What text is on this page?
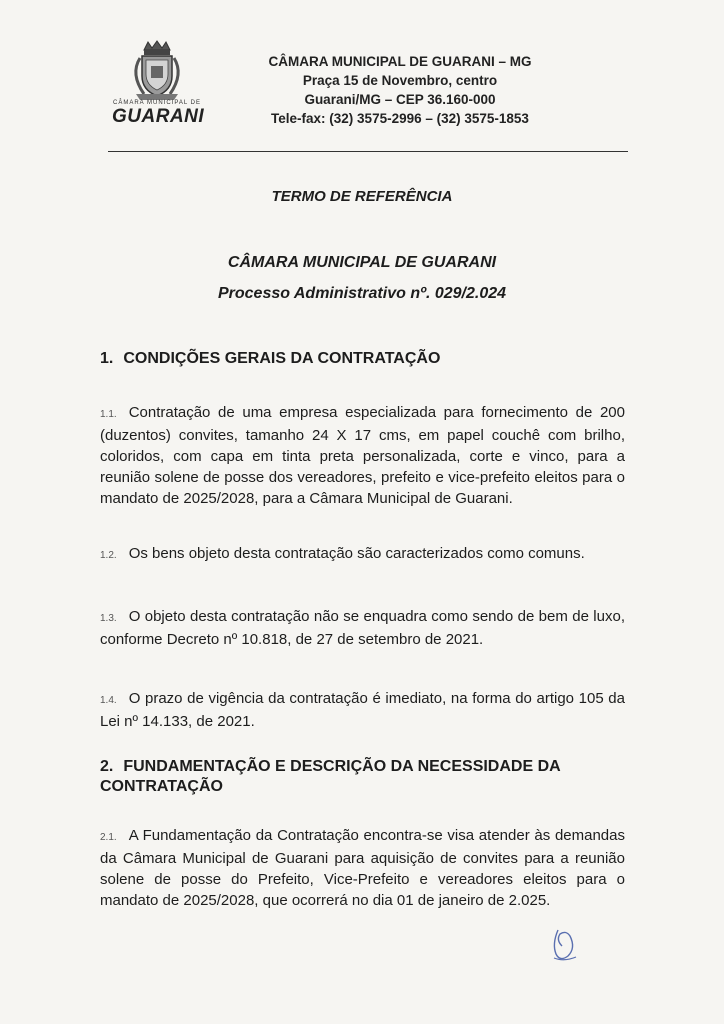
CÂMARA MUNICIPAL DE
GUARANI
CÂMARA MUNICIPAL DE GUARANI – MG
Praça 15 de Novembro, centro
Guarani/MG – CEP 36.160-000
Tele-fax: (32) 3575-2996 – (32) 3575-1853
TERMO DE REFERÊNCIA
CÂMARA MUNICIPAL DE GUARANI
Processo Administrativo nº. 029/2.024
1. CONDIÇÕES GERAIS DA CONTRATAÇÃO
1.1. Contratação de uma empresa especializada para fornecimento de 200 (duzentos) convites, tamanho 24 X 17 cms, em papel couchê com brilho, coloridos, com capa em tinta preta personalizada, corte e vinco, para a reunião solene de posse dos vereadores, prefeito e vice-prefeito eleitos para o mandato de 2025/2028, para a Câmara Municipal de Guarani.
1.2. Os bens objeto desta contratação são caracterizados como comuns.
1.3. O objeto desta contratação não se enquadra como sendo de bem de luxo, conforme Decreto nº 10.818, de 27 de setembro de 2021.
1.4. O prazo de vigência da contratação é imediato, na forma do artigo 105 da Lei nº 14.133, de 2021.
2. FUNDAMENTAÇÃO E DESCRIÇÃO DA NECESSIDADE DA CONTRATAÇÃO
2.1. A Fundamentação da Contratação encontra-se visa atender às demandas da Câmara Municipal de Guarani para aquisição de convites para a reunião solene de posse do Prefeito, Vice-Prefeito e vereadores eleitos para o mandato de 2025/2028, que ocorrerá no dia 01 de janeiro de 2.025.
